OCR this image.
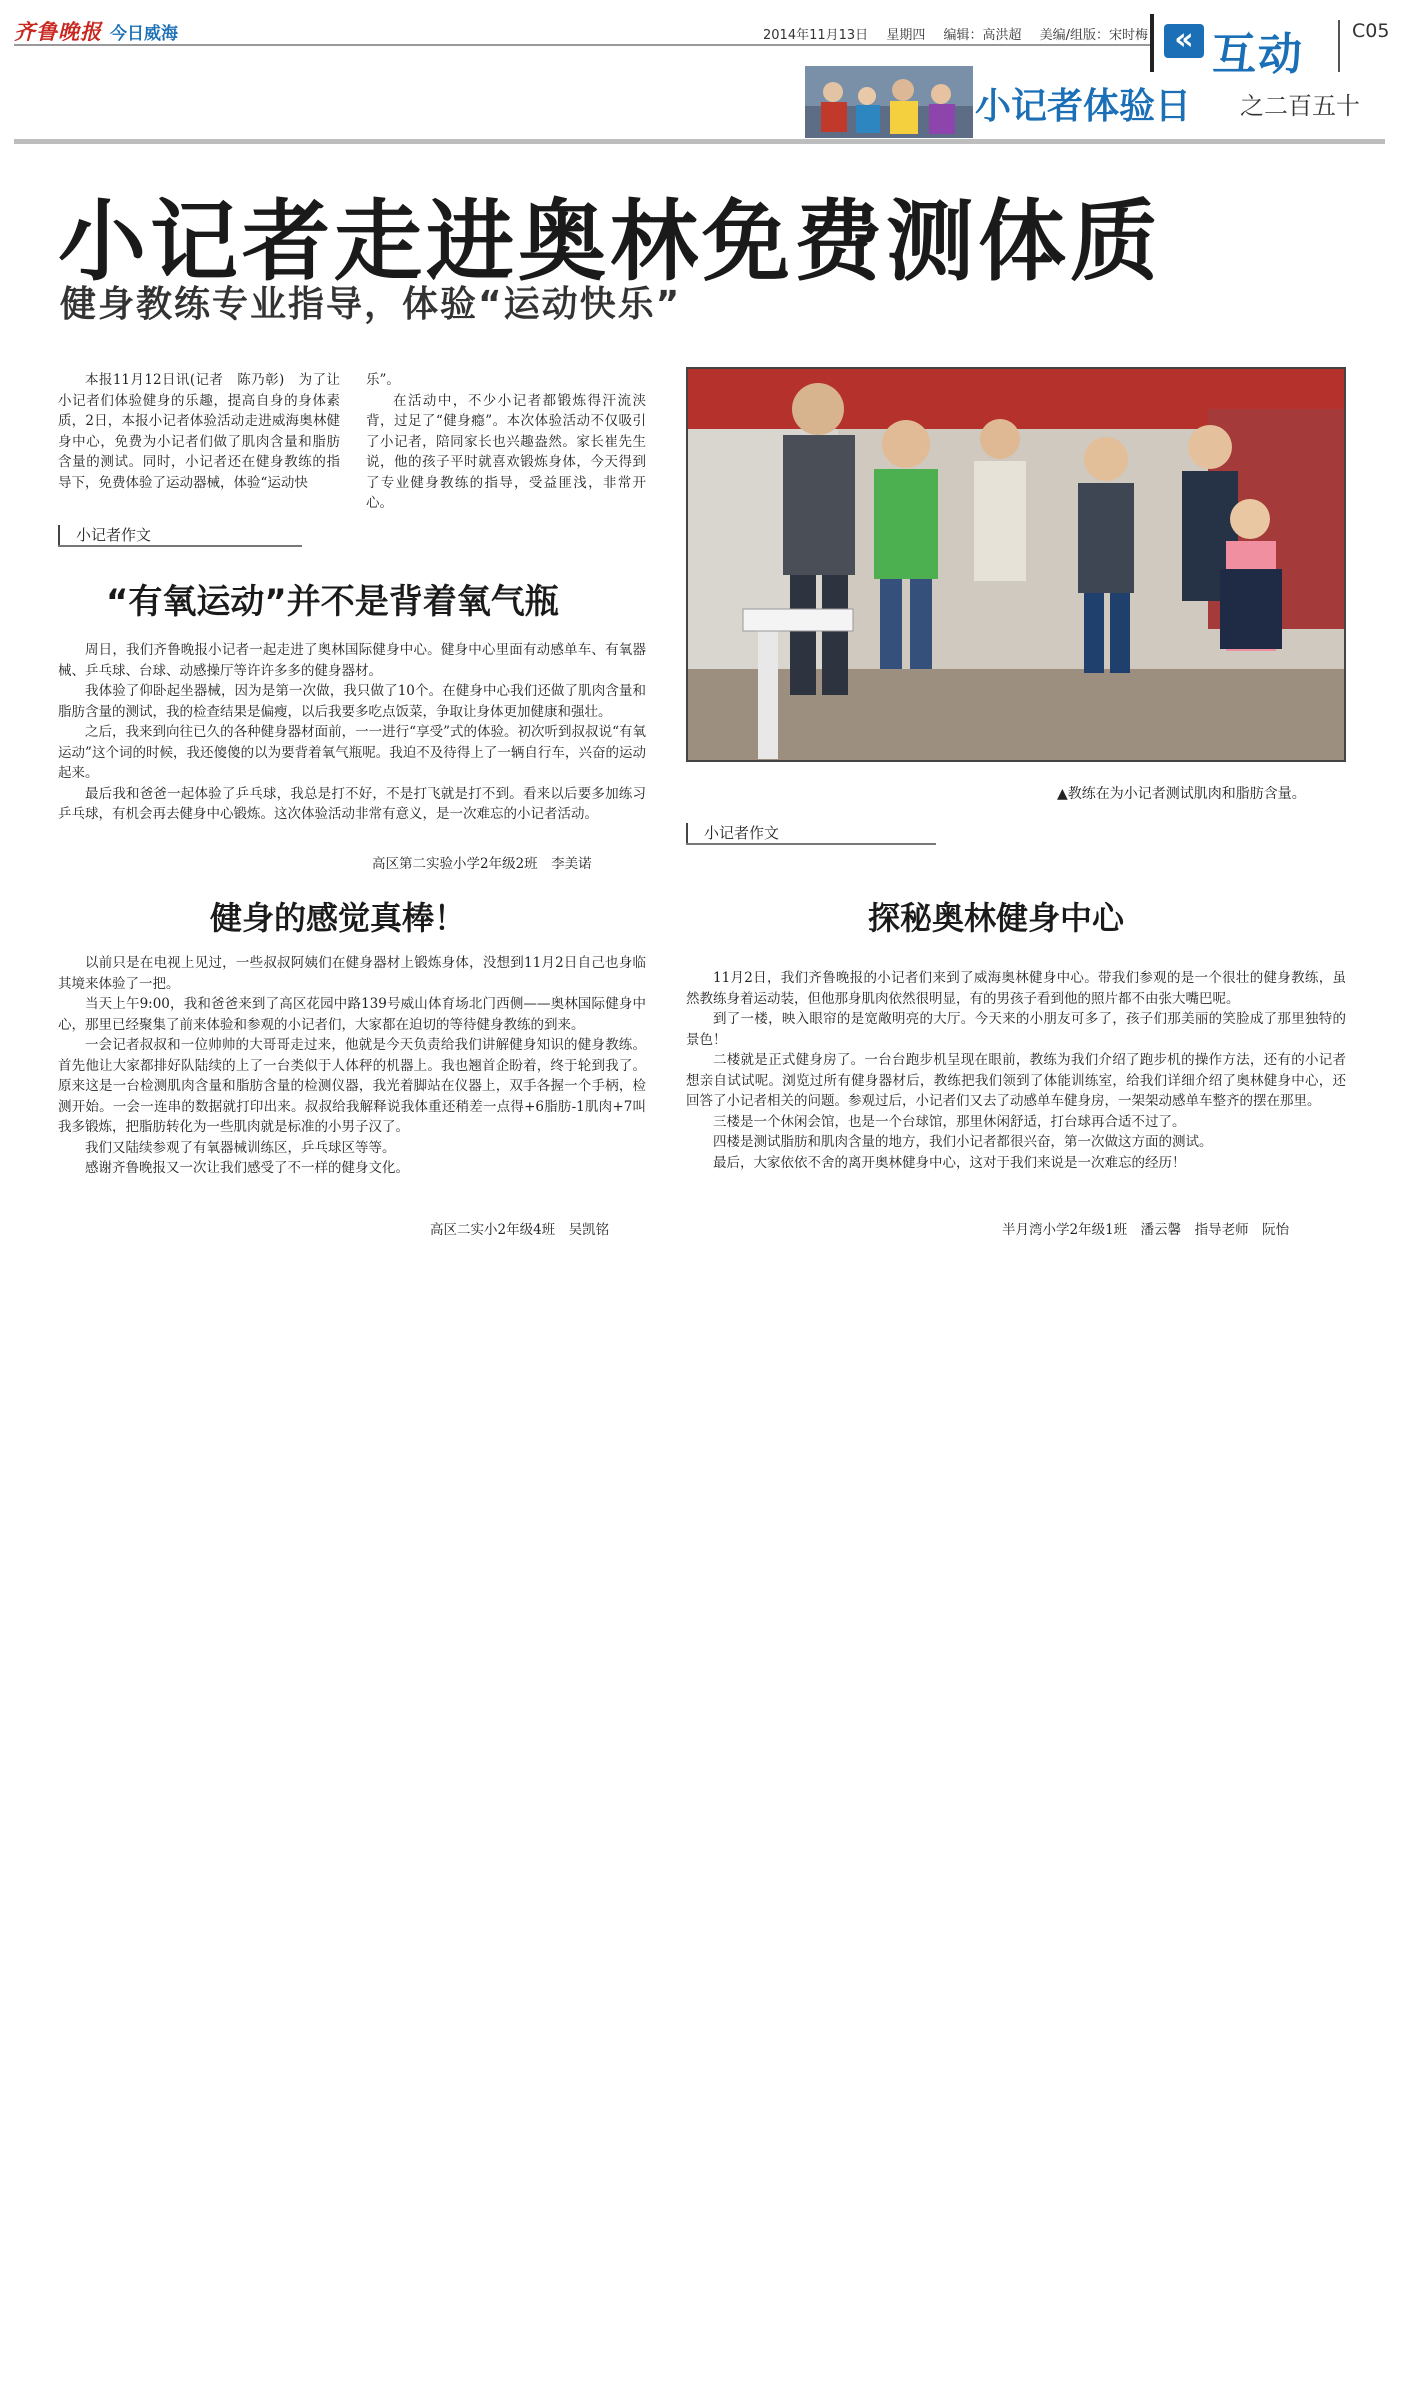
齐鲁晚报 今日威海	2014年11月13日 星期四 编辑：高洪超 美编/组版：宋时梅 « 互动	C05
小记者体验日 之二百五十
小记者走进奥林免费测体质
健身教练专业指导，体验“运动快乐”

本报11月12日讯(记者　陈乃彰)　为了让小记者们体验健身的乐趣，提高自身的身体素质，2日，本报小记者体验活动走进威海奥林健身中心，免费为小记者们做了肌肉含量和脂肪含量的测试。同时，小记者还在健身教练的指导下，免费体验了运动器械，体验“运动快

乐”。

在活动中，不少小记者都锻炼得汗流浃背，过足了“健身瘾”。本次体验活动不仅吸引了小记者，陪同家长也兴趣盎然。家长崔先生说，他的孩子平时就喜欢锻炼身体，今天得到了专业健身教练的指导，受益匪浅，非常开心。

▲教练在为小记者测试肌肉和脂肪含量。
小记者作文
“有氧运动”并不是背着氧气瓶

周日，我们齐鲁晚报小记者一起走进了奥林国际健身中心。健身中心里面有动感单车、有氧器械、乒乓球、台球、动感操厅等许许多多的健身器材。

我体验了仰卧起坐器械，因为是第一次做，我只做了10个。在健身中心我们还做了肌肉含量和脂肪含量的测试，我的检查结果是偏瘦，以后我要多吃点饭菜，争取让身体更加健康和强壮。

之后，我来到向往已久的各种健身器材面前，一一进行“享受”式的体验。初次听到叔叔说“有氧运动”这个词的时候，我还傻傻的以为要背着氧气瓶呢。我迫不及待得上了一辆自行车，兴奋的运动起来。

最后我和爸爸一起体验了乒乓球，我总是打不好，不是打飞就是打不到。看来以后要多加练习乒乓球，有机会再去健身中心锻炼。这次体验活动非常有意义，是一次难忘的小记者活动。

高区第二实验小学2年级2班　李美诺
健身的感觉真棒！

以前只是在电视上见过，一些叔叔阿姨们在健身器材上锻炼身体，没想到11月2日自己也身临其境来体验了一把。

当天上午9:00，我和爸爸来到了高区花园中路139号威山体育场北门西侧——奥林国际健身中心，那里已经聚集了前来体验和参观的小记者们，大家都在迫切的等待健身教练的到来。

一会记者叔叔和一位帅帅的大哥哥走过来，他就是今天负责给我们讲解健身知识的健身教练。首先他让大家都排好队陆续的上了一台类似于人体秤的机器上。我也翘首企盼着，终于轮到我了。原来这是一台检测肌肉含量和脂肪含量的检测仪器，我光着脚站在仪器上，双手各握一个手柄，检测开始。一会一连串的数据就打印出来。叔叔给我解释说我体重还稍差一点得+6脂肪-1肌肉+7叫我多锻炼，把脂肪转化为一些肌肉就是标准的小男子汉了。

我们又陆续参观了有氧器械训练区，乒乓球区等等。

感谢齐鲁晚报又一次让我们感受了不一样的健身文化。

高区二实小2年级4班　吴凯铭
小记者作文
探秘奥林健身中心

11月2日，我们齐鲁晚报的小记者们来到了威海奥林健身中心。带我们参观的是一个很壮的健身教练，虽然教练身着运动装，但他那身肌肉依然很明显，有的男孩子看到他的照片都不由张大嘴巴呢。

到了一楼，映入眼帘的是宽敞明亮的大厅。今天来的小朋友可多了，孩子们那美丽的笑脸成了那里独特的景色！

二楼就是正式健身房了。一台台跑步机呈现在眼前，教练为我们介绍了跑步机的操作方法，还有的小记者想亲自试试呢。浏览过所有健身器材后，教练把我们领到了体能训练室，给我们详细介绍了奥林健身中心，还回答了小记者相关的问题。参观过后，小记者们又去了动感单车健身房，一架架动感单车整齐的摆在那里。

三楼是一个休闲会馆，也是一个台球馆，那里休闲舒适，打台球再合适不过了。

四楼是测试脂肪和肌肉含量的地方，我们小记者都很兴奋，第一次做这方面的测试。

最后，大家依依不舍的离开奥林健身中心，这对于我们来说是一次难忘的经历！

半月湾小学2年级1班　潘云馨　指导老师　阮怡
